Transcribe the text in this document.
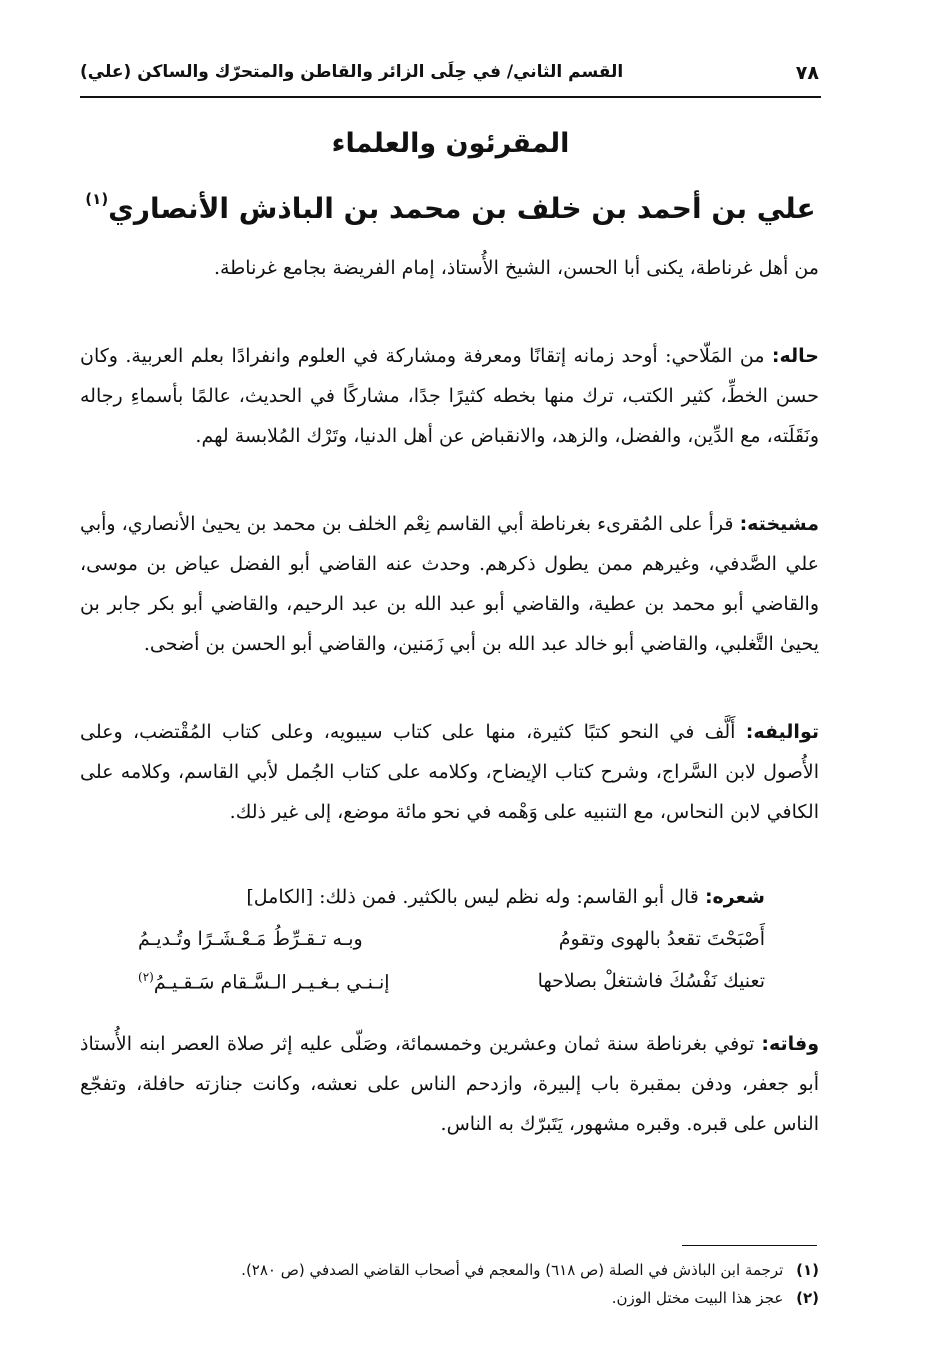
٧٨
القسم الثاني/ في حِلَى الزائر والقاطن والمتحرّك والساكن (علي)
المقرئون والعلماء
علي بن أحمد بن خلف بن محمد بن الباذش الأنصاري$^{(١)}$

من أهل غرناطة، يكنى أبا الحسن، الشيخ الأُستاذ، إمام الفريضة بجامع غرناطة.

حاله: من المَلّاحي: أوحد زمانه إتقانًا ومعرفة ومشاركة في العلوم وانفرادًا بعلم العربية. وكان حسن الخطِّ، كثير الكتب، ترك منها بخطه كثيرًا جدًا، مشاركًا في الحديث، عالمًا بأسماءِ رجاله ونَقَلَته، مع الدِّين، والفضل، والزهد، والانقباض عن أهل الدنيا، وتَرْك المُلابسة لهم.

مشيخته: قرأ على المُقرىء بغرناطة أبي القاسم نِعْم الخلف بن محمد بن يحيىٰ الأنصاري، وأبي علي الصَّدفي، وغيرهم ممن يطول ذكرهم. وحدث عنه القاضي أبو الفضل عياض بن موسى، والقاضي أبو محمد بن عطية، والقاضي أبو عبد الله بن عبد الرحيم، والقاضي أبو بكر جابر بن يحيىٰ التَّغلبي، والقاضي أبو خالد عبد الله بن أبي زَمَنين، والقاضي أبو الحسن بن أضحى.

تواليفه: أَلَّف في النحو كتبًا كثيرة، منها على كتاب سيبويه، وعلى كتاب المُقْتضب، وعلى الأُصول لابن السَّراج، وشرح كتاب الإيضاح، وكلامه على كتاب الجُمل لأبي القاسم، وكلامه على الكافي لابن النحاس، مع التنبيه على وَهْمه في نحو مائة موضع، إلى غير ذلك.

شعره: قال أبو القاسم: وله نظم ليس بالكثير. فمن ذلك: [الكامل]

أَصْبَحْتَ تقعدُ بالهوى وتقومُ
وبـه تـقـرِّطُ مَـعْـشَـرًا وتُـديـمُ
تعنيك نَفْسُكَ فاشتغلْ بصلاحها
إنـنـي بـغـيـر الـسَّـقام سَـقـيـمُ$^{(٢)}$

وفاته: توفي بغرناطة سنة ثمان وعشرين وخمسمائة، وصَلّى عليه إثر صلاة العصر ابنه الأُستاذ أبو جعفر، ودفن بمقبرة باب إلبيرة، وازدحم الناس على نعشه، وكانت جنازته حافلة، وتفجّع الناس على قبره. وقبره مشهور، يَتَبرّك به الناس.

(١) ترجمة ابن الباذش في الصلة (ص ٦١٨) والمعجم في أصحاب القاضي الصدفي (ص ٢٨٠).
(٢) عجز هذا البيت مختل الوزن.
